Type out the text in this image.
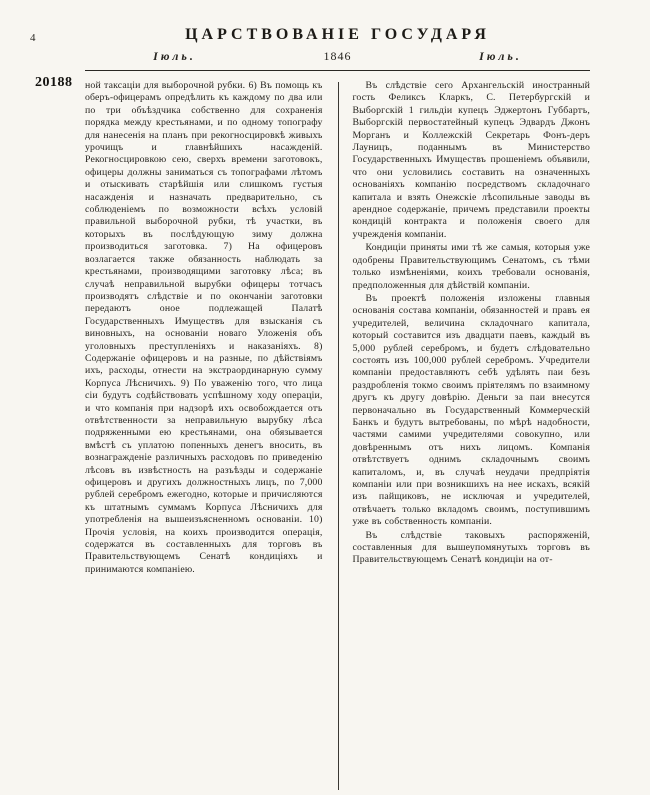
4	ЦАРСТВОВАНІЕ ГОСУДАРЯ
Іюль.	1846	Іюль.

20188 ной таксаціи для выборочной рубки. 6) Въ помощь къ оберъ-офицерамъ опредѣлить къ каждому по два или по три объѣздчика собственно для сохраненія порядка между крестьянами, и по одному топографу для нанесенія на планъ при рекогносцировкѣ живыхъ урочищъ и главнѣйшихъ насажденій. Рекогносцировкою сею, сверхъ времени заготовокъ, офицеры должны заниматься съ топографами лѣтомъ и отыскивать старѣйшія или слишкомъ густыя насажденія и назначать предварительно, съ соблюденіемъ по возможности всѣхъ условій правильной выборочной рубки, тѣ участки, въ которыхъ въ послѣдующую зиму должна производиться заготовка. 7) На офицеровъ возлагается также обязанность наблюдать за крестьянами, производящими заготовку лѣса; въ случаѣ неправильной вырубки офицеры тотчасъ производятъ слѣдствіе и по окончаніи заготовки передаютъ оное подлежащей Палатѣ Государственныхъ Имуществъ для взысканія съ виновныхъ, на основаніи новаго Уложенія объ уголовныхъ преступленіяхъ и наказаніяхъ. 8) Содержаніе офицеровъ и на разные, по дѣйствіямъ ихъ, расходы, отнести на экстраординарную сумму Корпуса Лѣсничихъ. 9) По уваженію того, что лица сіи будутъ содѣйствовать успѣшному ходу операціи, и что компанія при надзорѣ ихъ освобождается отъ отвѣтственности за неправильную вырубку лѣса подряженными ею крестьянами, она обязывается вмѣстѣ съ уплатою попенныхъ денегъ вносить, въ вознагражденіе различныхъ расходовъ по приведенію лѣсовъ въ извѣстность на разъѣзды и содержаніе офицеровъ и другихъ должностныхъ лицъ, по 7,000 рублей серебромъ ежегодно, которые и причисляются къ штатнымъ суммамъ Корпуса Лѣсничихъ для употребленія на вышеизъясненномъ основаніи. 10) Прочія условія, на коихъ производится операція, содержатся въ составленныхъ для торговъ въ Правительствующемъ Сенатѣ кондиціяхъ и принимаются компаніею.

Въ слѣдствіе сего Архангельскій иностранный гость Феликсъ Кларкъ, С. Петербургскій и Выборгскій 1 гильдіи купецъ Эджертонъ Губбартъ, Выборгскій первостатейный купецъ Эдвардъ Джонъ Морганъ и Коллежскій Секретарь Фонъ-деръ Лауницъ, поданнымъ въ Министерство Государственныхъ Имуществъ прошеніемъ объявили, что они условились составить на означенныхъ основаніяхъ компанію посредствомъ складочнаго капитала и взять Онежскіе лѣсопильные заводы въ арендное содержаніе, причемъ представили проекты кондицій контракта и положенія своего для учрежденія компаніи.

Кондиціи приняты ими тѣ же самыя, которыя уже одобрены Правительствующимъ Сенатомъ, съ тѣми только измѣненіями, коихъ требовали основанія, предположенныя для дѣйствій компаніи.

Въ проектѣ положенія изложены главныя основанія состава компаніи, обязанностей и правъ ея учредителей, величина складочнаго капитала, который составится изъ двадцати паевъ, каждый въ 5,000 рублей серебромъ, и будетъ слѣдовательно состоять изъ 100,000 рублей серебромъ. Учредители компаніи предоставляютъ себѣ удѣлять паи безъ раздробленія токмо своимъ пріятелямъ по взаимному другъ къ другу довѣрію. Деньги за паи внесутся первоначально въ Государственный Коммерческій Банкъ и будутъ вытребованы, по мѣрѣ надобности, частями самими учредителями совокупно, или довѣреннымъ отъ нихъ лицомъ. Компанія отвѣтствуетъ однимъ складочнымъ своимъ капиталомъ, и, въ случаѣ неудачи предпріятія компаніи или при возникшихъ на нее искахъ, всякій изъ пайщиковъ, не исключая и учредителей, отвѣчаетъ только вкладомъ своимъ, поступившимъ уже въ собственность компаніи.

Въ слѣдствіе таковыхъ распоряженій, составленныя для вышеупомянутыхъ торговъ въ Правительствующемъ Сенатѣ кондиціи на от-
